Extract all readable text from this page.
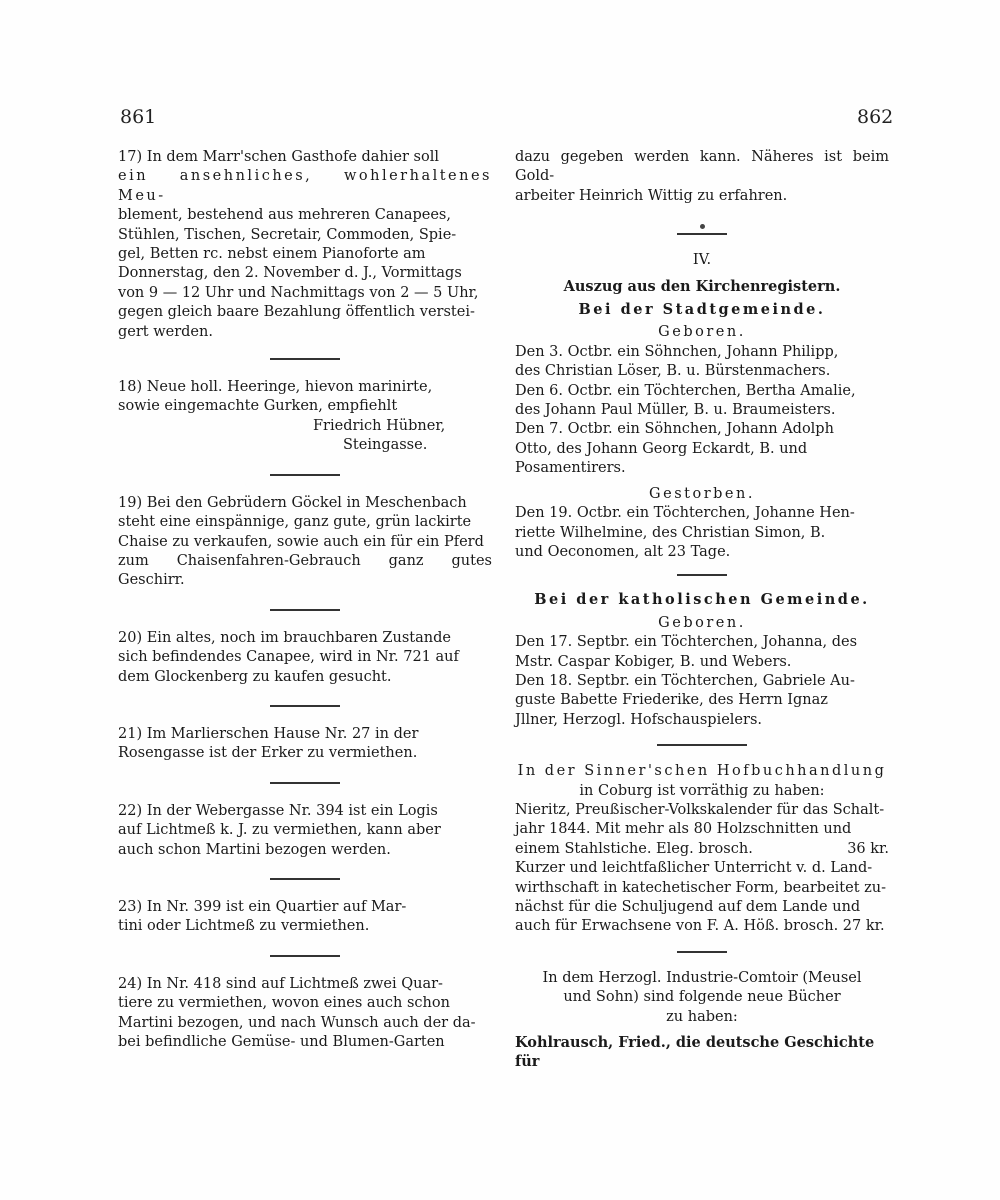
861	862

17) In dem Marr'schen Gasthofe dahier soll

ein ansehnliches, wohlerhaltenes Meu-

blement, bestehend aus mehreren Canapees,

Stühlen, Tischen, Secretair, Commoden, Spie-

gel, Betten rc. nebst einem Pianoforte am

Donnerstag, den 2. November d. J., Vormittags

von 9 — 12 Uhr und Nachmittags von 2 — 5 Uhr,

gegen gleich baare Bezahlung öffentlich verstei-

gert werden.

18) Neue holl. Heeringe, hievon marinirte,

sowie eingemachte Gurken, empfiehlt

Friedrich Hübner,

Steingasse.

19) Bei den Gebrüdern Göckel in Meschenbach

steht eine einspännige, ganz gute, grün lackirte

Chaise zu verkaufen, sowie auch ein für ein Pferd

zum Chaisenfahren-Gebrauch ganz gutes Geschirr.

20) Ein altes, noch im brauchbaren Zustande

sich befindendes Canapee, wird in Nr. 721 auf

dem Glockenberg zu kaufen gesucht.

21) Im Marlierschen Hause Nr. 27 in der

Rosengasse ist der Erker zu vermiethen.

22) In der Webergasse Nr. 394 ist ein Logis

auf Lichtmeß k. J. zu vermiethen, kann aber

auch schon Martini bezogen werden.

23) In Nr. 399 ist ein Quartier auf Mar-

tini oder Lichtmeß zu vermiethen.

24) In Nr. 418 sind auf Lichtmeß zwei Quar-

tiere zu vermiethen, wovon eines auch schon

Martini bezogen, und nach Wunsch auch der da-

bei befindliche Gemüse- und Blumen-Garten

dazu gegeben werden kann. Näheres ist beim Gold-

arbeiter Heinrich Wittig zu erfahren.

IV.

Auszug aus den Kirchenregistern.

Bei der Stadtgemeinde.

Geboren.

Den 3. Octbr. ein Söhnchen, Johann Philipp,

des Christian Löser, B. u. Bürstenmachers.

Den 6. Octbr. ein Töchterchen, Bertha Amalie,

des Johann Paul Müller, B. u. Braumeisters.

Den 7. Octbr. ein Söhnchen, Johann Adolph

Otto, des Johann Georg Eckardt, B. und

Posamentirers.

Gestorben.

Den 19. Octbr. ein Töchterchen, Johanne Hen-

riette Wilhelmine, des Christian Simon, B.

und Oeconomen, alt 23 Tage.

Bei der katholischen Gemeinde.

Geboren.

Den 17. Septbr. ein Töchterchen, Johanna, des

Mstr. Caspar Kobiger, B. und Webers.

Den 18. Septbr. ein Töchterchen, Gabriele Au-

guste Babette Friederike, des Herrn Ignaz

Jllner, Herzogl. Hofschauspielers.

In der Sinner'schen Hofbuchhandlung

in Coburg ist vorräthig zu haben:

Nieritz, Preußischer-Volkskalender für das Schalt-

jahr 1844. Mit mehr als 80 Holzschnitten und

einem Stahlstiche. Eleg. brosch.	36 kr.

Kurzer und leichtfaßlicher Unterricht v. d. Land-

wirthschaft in katechetischer Form, bearbeitet zu-

nächst für die Schuljugend auf dem Lande und

auch für Erwachsene von F. A. Höß. brosch. 27 kr.

In dem Herzogl. Industrie-Comtoir (Meusel

und Sohn) sind folgende neue Bücher

zu haben:

Kohlrausch, Fried., die deutsche Geschichte für
